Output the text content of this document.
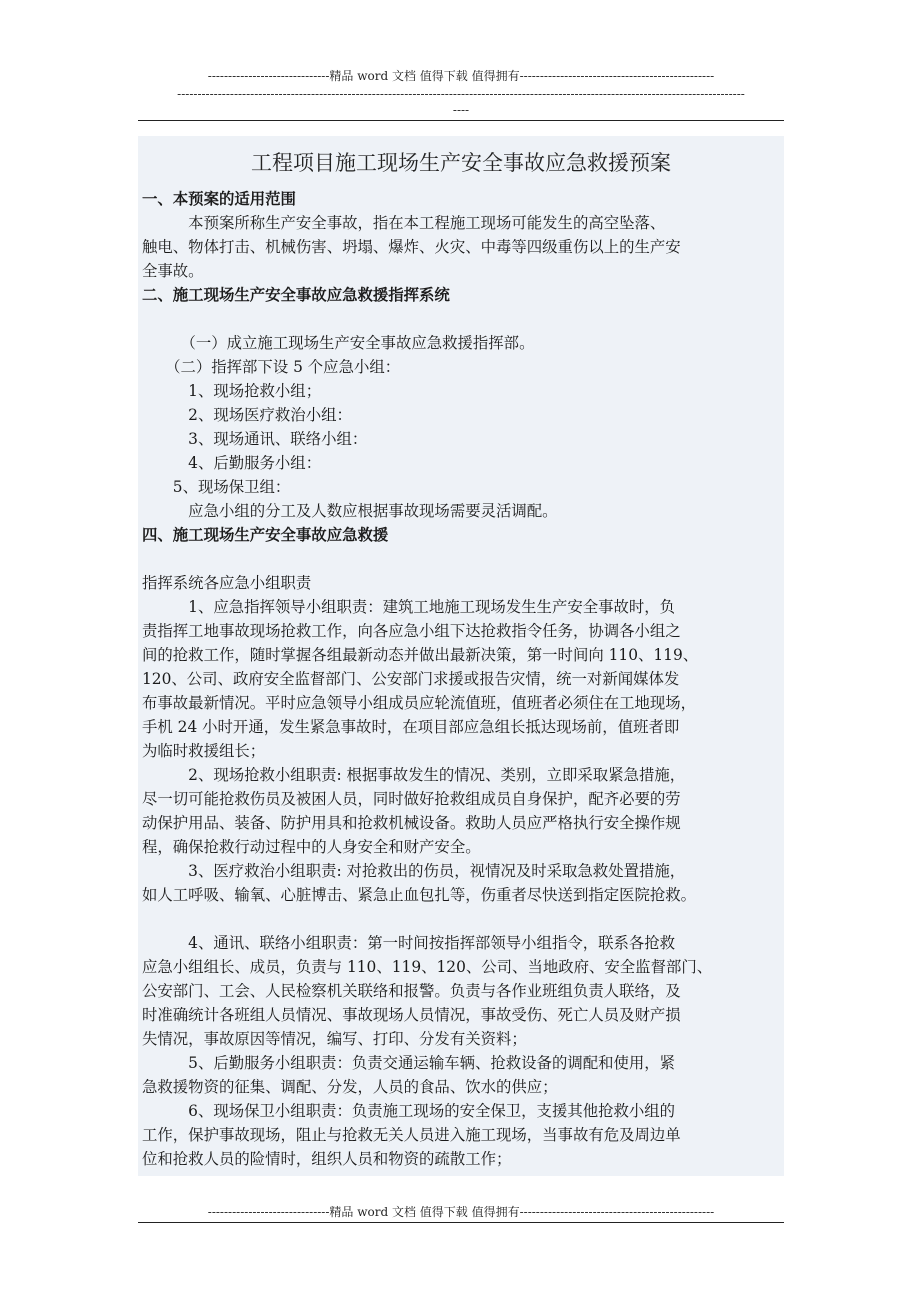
------------------------------精品 word 文档 值得下载 值得拥有------------------------------------------------
--------------------------------------------------------------------------------------------------------------------------------------------
----
工程项目施工现场生产安全事故应急救援预案
一、本预案的适用范围
　　　本预案所称生产安全事故，指在本工程施工现场可能发生的高空坠落、
触电、物体打击、机械伤害、坍塌、爆炸、火灾、中毒等四级重伤以上的生产安
全事故。
二、施工现场生产安全事故应急救援指挥系统
　　　（一）成立施工现场生产安全事故应急救援指挥部。
　　（二）指挥部下设 5 个应急小组：
　　　1、现场抢救小组；
　　　2、现场医疗救治小组：
　　　3、现场通讯、联络小组：
　　　4、后勤服务小组：
　　5、现场保卫组：
　　　应急小组的分工及人数应根据事故现场需要灵活调配。
四、施工现场生产安全事故应急救援
指挥系统各应急小组职责
　　　1、应急指挥领导小组职责：建筑工地施工现场发生生产安全事故时，负
责指挥工地事故现场抢救工作，向各应急小组下达抢救指令任务，协调各小组之
间的抢救工作，随时掌握各组最新动态并做出最新决策，第一时间向 110、119、
120、公司、政府安全监督部门、公安部门求援或报告灾情，统一对新闻媒体发
布事故最新情况。平时应急领导小组成员应轮流值班，值班者必须住在工地现场，
手机 24 小时开通，发生紧急事故时，在项目部应急组长抵达现场前，值班者即
为临时救援组长；
　　　2、现场抢救小组职责: 根据事故发生的情况、类别，立即采取紧急措施，
尽一切可能抢救伤员及被困人员，同时做好抢救组成员自身保护，配齐必要的劳
动保护用品、装备、防护用具和抢救机械设备。救助人员应严格执行安全操作规
程，确保抢救行动过程中的人身安全和财产安全。
　　　3、医疗救治小组职责: 对抢救出的伤员，视情况及时采取急救处置措施，
如人工呼吸、输氧、心脏博击、紧急止血包扎等，伤重者尽快送到指定医院抢救。
　　　4、通讯、联络小组职责：第一时间按指挥部领导小组指令，联系各抢救
应急小组组长、成员，负责与 110、119、120、公司、当地政府、安全监督部门、
公安部门、工会、人民检察机关联络和报警。负责与各作业班组负责人联络，及
时准确统计各班组人员情况、事故现场人员情况，事故受伤、死亡人员及财产损
失情况，事故原因等情况，编写、打印、分发有关资料；
　　　5、后勤服务小组职责：负责交通运输车辆、抢救设备的调配和使用，紧
急救援物资的征集、调配、分发，人员的食品、饮水的供应；
　　　6、现场保卫小组职责：负责施工现场的安全保卫，支援其他抢救小组的
工作，保护事故现场，阻止与抢救无关人员进入施工现场，当事故有危及周边单
位和抢救人员的险情时，组织人员和物资的疏散工作；
------------------------------精品 word 文档 值得下载 值得拥有------------------------------------------------
